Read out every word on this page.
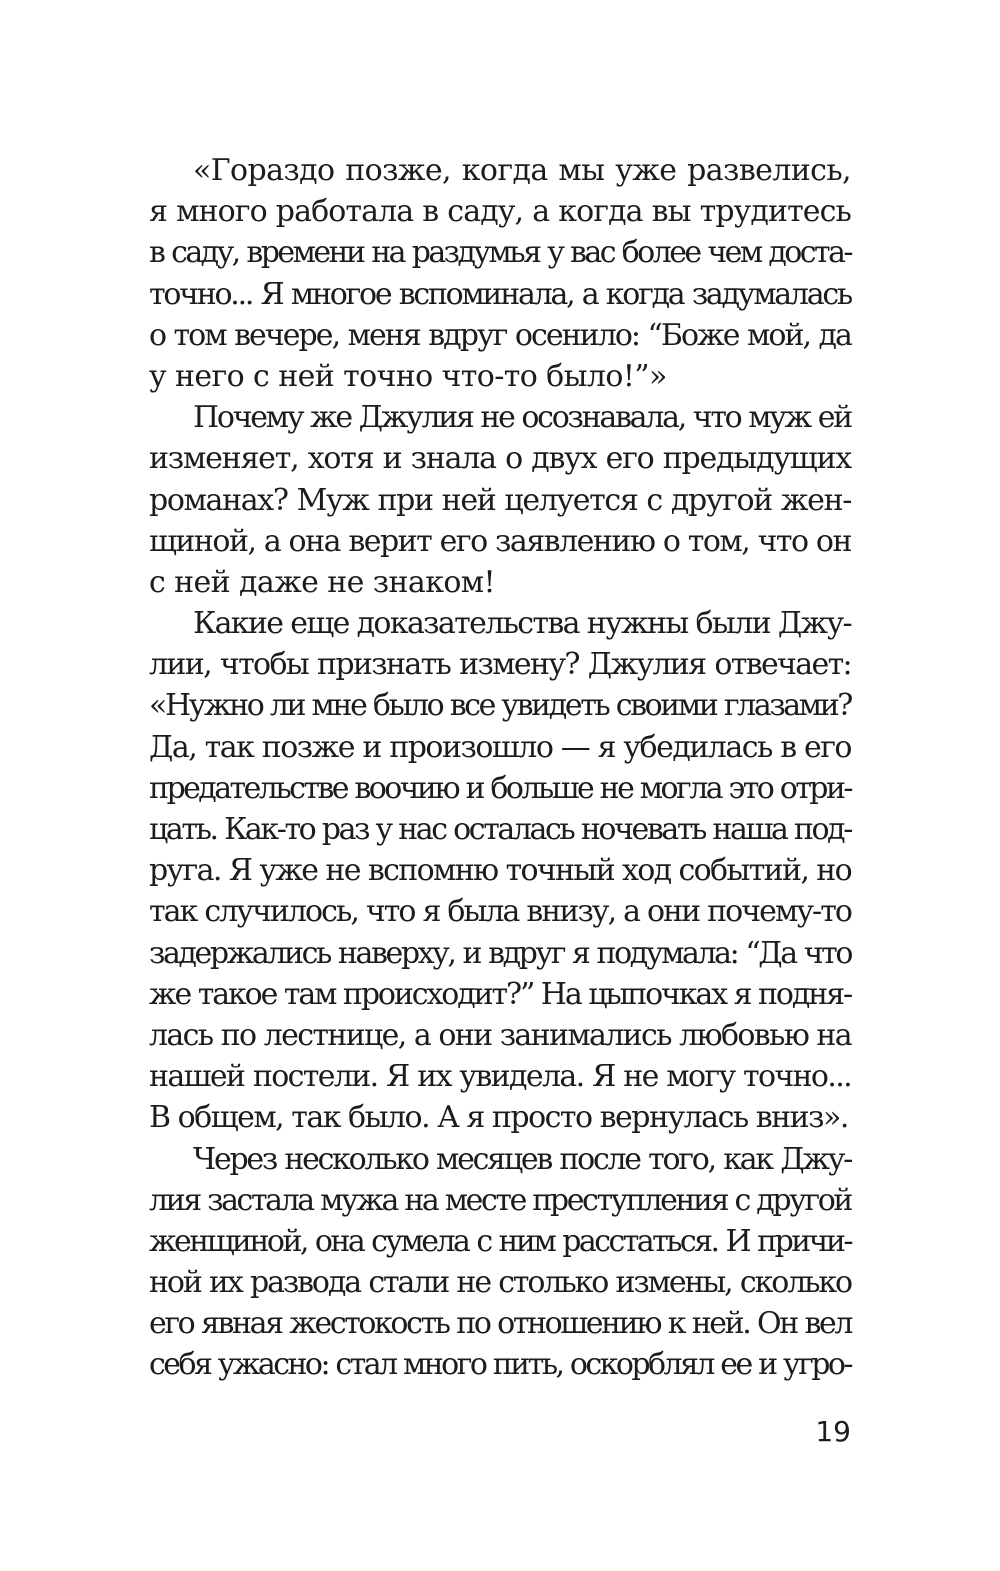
«Гораздо позже, когда мы уже развелись,
я много работала в саду, а когда вы трудитесь
в саду, времени на раздумья у вас более чем доста-
точно... Я многое вспоминала, а когда задумалась
о том вечере, меня вдруг осенило: “Боже мой, да
у него с ней точно что-то было!”»
Почему же Джулия не осознавала, что муж ей
изменяет, хотя и знала о двух его предыдущих
романах? Муж при ней целуется с другой жен-
щиной, а она верит его заявлению о том, что он
с ней даже не знаком!
Какие еще доказательства нужны были Джу-
лии, чтобы признать измену? Джулия отвечает:
«Нужно ли мне было все увидеть своими глазами?
Да, так позже и произошло — я убедилась в его
предательстве воочию и больше не могла это отри-
цать. Как-то раз у нас осталась ночевать наша под-
руга. Я уже не вспомню точный ход событий, но
так случилось, что я была внизу, а они почему-то
задержались наверху, и вдруг я подумала: “Да что
же такое там происходит?” На цыпочках я подня-
лась по лестнице, а они занимались любовью на
нашей постели. Я их увидела. Я не могу точно...
В общем, так было. А я просто вернулась вниз».
Через несколько месяцев после того, как Джу-
лия застала мужа на месте преступления с другой
женщиной, она сумела с ним расстаться. И причи-
ной их развода стали не столько измены, сколько
его явная жестокость по отношению к ней. Он вел
себя ужасно: стал много пить, оскорблял ее и угро-
19
